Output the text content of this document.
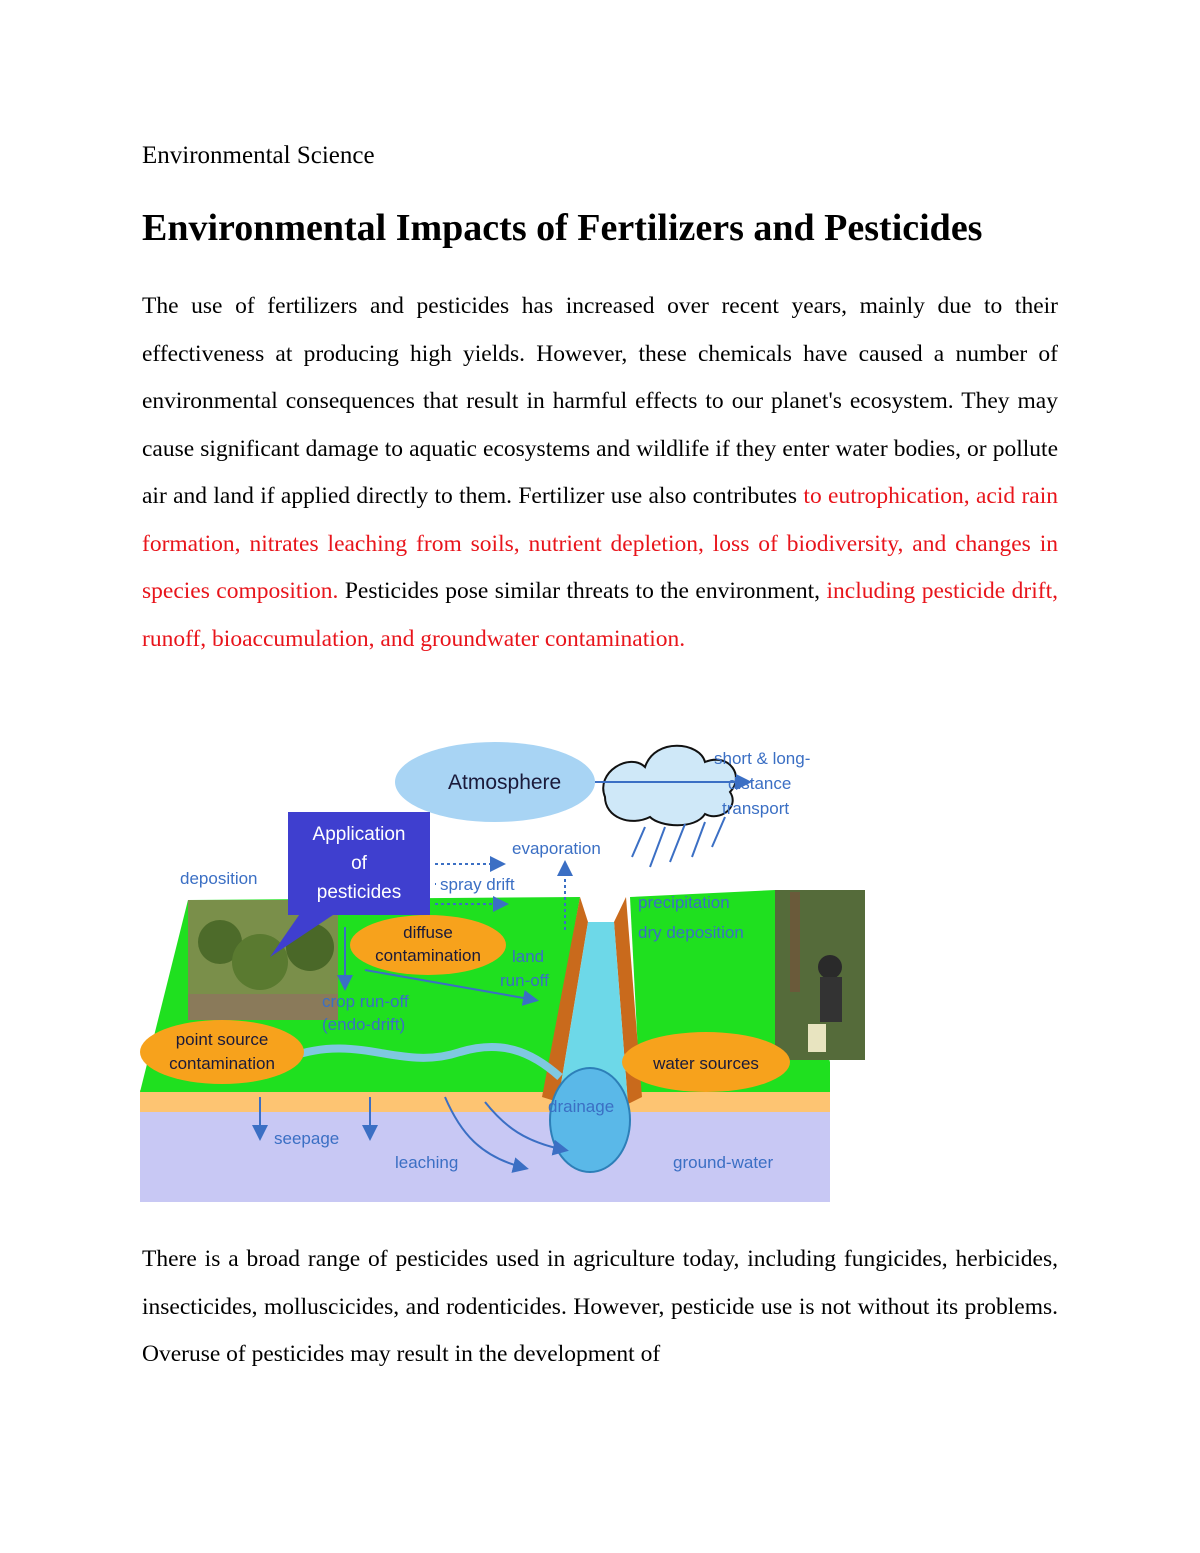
Environmental Science
Environmental Impacts of Fertilizers and Pesticides

The use of fertilizers and pesticides has increased over recent years, mainly due to their effectiveness at producing high yields. However, these chemicals have caused a number of environmental consequences that result in harmful effects to our planet's ecosystem. They may cause significant damage to aquatic ecosystems and wildlife if they enter water bodies, or pollute air and land if applied directly to them. Fertilizer use also contributes to eutrophication, acid rain formation, nitrates leaching from soils, nutrient depletion, loss of biodiversity, and changes in species composition. Pesticides pose similar threats to the environment, including pesticide drift, runoff, bioaccumulation, and groundwater contamination.

Atmosphere
short & long-
distance
transport
Application
of
pesticides
deposition
evaporation
spray drift
precipitation
dry deposition
diffuse
contamination land
run-off
crop run-off
(endo-drift)
point source
contamination	water sources
drainage
seepage
leaching	ground-water

There is a broad range of pesticides used in agriculture today, including fungicides, herbicides, insecticides, molluscicides, and rodenticides. However, pesticide use is not without its problems. Overuse of pesticides may result in the development of
